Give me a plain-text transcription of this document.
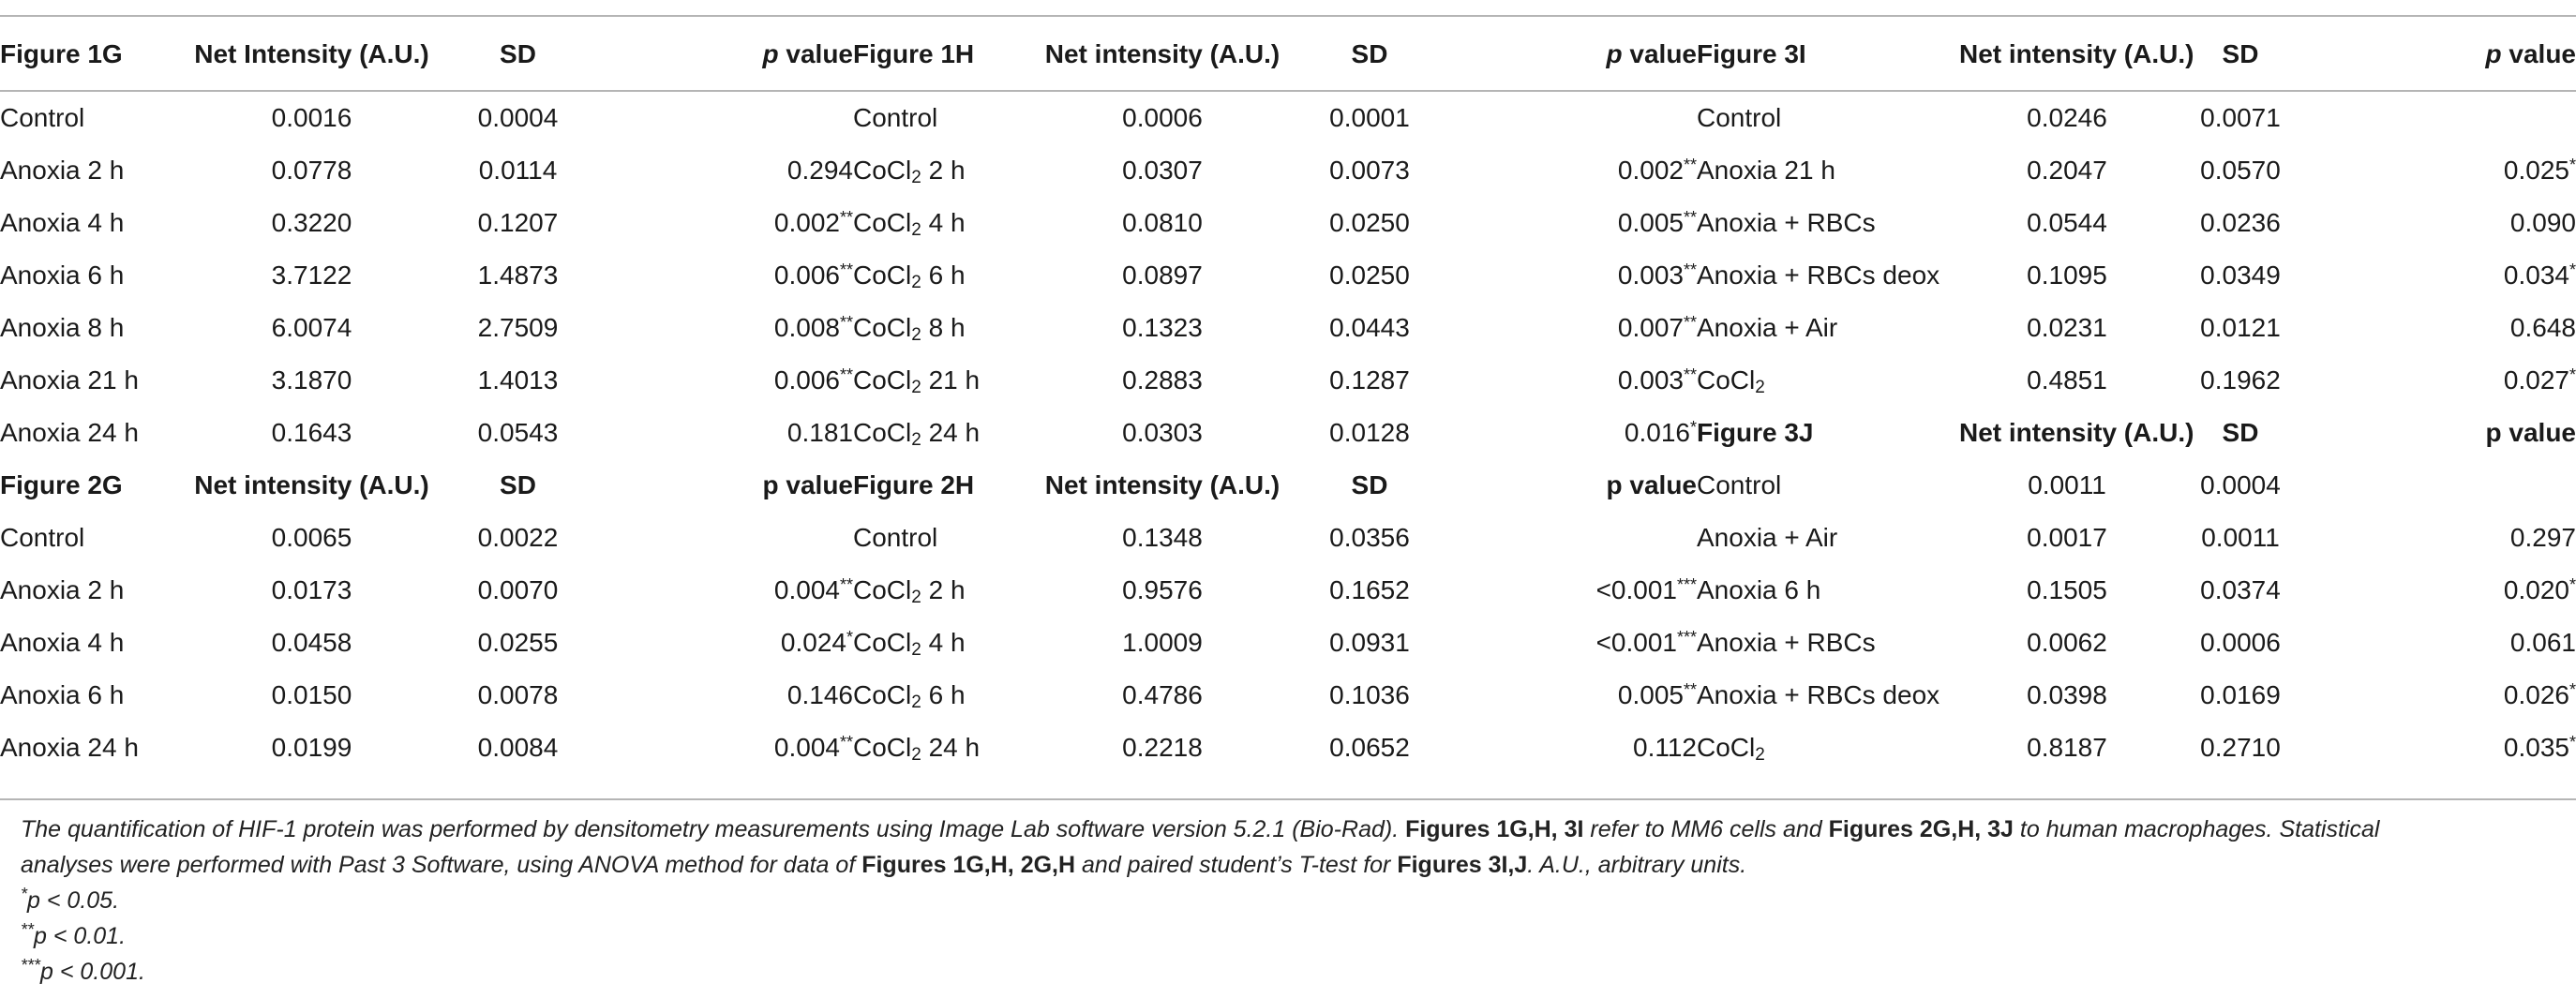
Figure 1G	Net Intensity (A.U.)	SD	p value	Figure 1H	Net intensity (A.U.)	SD	p value	Figure 3I	Net intensity (A.U.)	SD	p value
Control	0.0016	0.0004		Control	0.0006	0.0001		Control	0.0246	0.0071	
Anoxia 2 h	0.0778	0.0114	0.294	CoCl$_2$ 2 h	0.0307	0.0073	0.002**	Anoxia 21 h	0.2047	0.0570	0.025*
Anoxia 4 h	0.3220	0.1207	0.002**	CoCl$_2$ 4 h	0.0810	0.0250	0.005**	Anoxia + RBCs	0.0544	0.0236	0.090
Anoxia 6 h	3.7122	1.4873	0.006**	CoCl$_2$ 6 h	0.0897	0.0250	0.003**	Anoxia + RBCs deox	0.1095	0.0349	0.034*
Anoxia 8 h	6.0074	2.7509	0.008**	CoCl$_2$ 8 h	0.1323	0.0443	0.007**	Anoxia + Air	0.0231	0.0121	0.648
Anoxia 21 h	3.1870	1.4013	0.006**	CoCl$_2$ 21 h	0.2883	0.1287	0.003**	CoCl$_2$	0.4851	0.1962	0.027*
Anoxia 24 h	0.1643	0.0543	0.181	CoCl$_2$ 24 h	0.0303	0.0128	0.016*	Figure 3J	Net intensity (A.U.)	SD	p value
Figure 2G	Net intensity (A.U.)	SD	p value	Figure 2H	Net intensity (A.U.)	SD	p value	Control	0.0011	0.0004	
Control	0.0065	0.0022		Control	0.1348	0.0356		Anoxia + Air	0.0017	0.0011	0.297
Anoxia 2 h	0.0173	0.0070	0.004**	CoCl$_2$ 2 h	0.9576	0.1652	<0.001***	Anoxia 6 h	0.1505	0.0374	0.020*
Anoxia 4 h	0.0458	0.0255	0.024*	CoCl$_2$ 4 h	1.0009	0.0931	<0.001***	Anoxia + RBCs	0.0062	0.0006	0.061
Anoxia 6 h	0.0150	0.0078	0.146	CoCl$_2$ 6 h	0.4786	0.1036	0.005**	Anoxia + RBCs deox	0.0398	0.0169	0.026*
Anoxia 24 h	0.0199	0.0084	0.004**	CoCl$_2$ 24 h	0.2218	0.0652	0.112	CoCl$_2$	0.8187	0.2710	0.035*
The quantification of HIF-1 protein was performed by densitometry measurements using Image Lab software version 5.2.1 (Bio-Rad). Figures 1G,H, 3I refer to MM6 cells and Figures 2G,H, 3J to human macrophages. Statistical
analyses were performed with Past 3 Software, using ANOVA method for data of Figures 1G,H, 2G,H and paired student’s T-test for Figures 3I,J. A.U., arbitrary units.
*p < 0.05.
**p < 0.01.
***p < 0.001.
